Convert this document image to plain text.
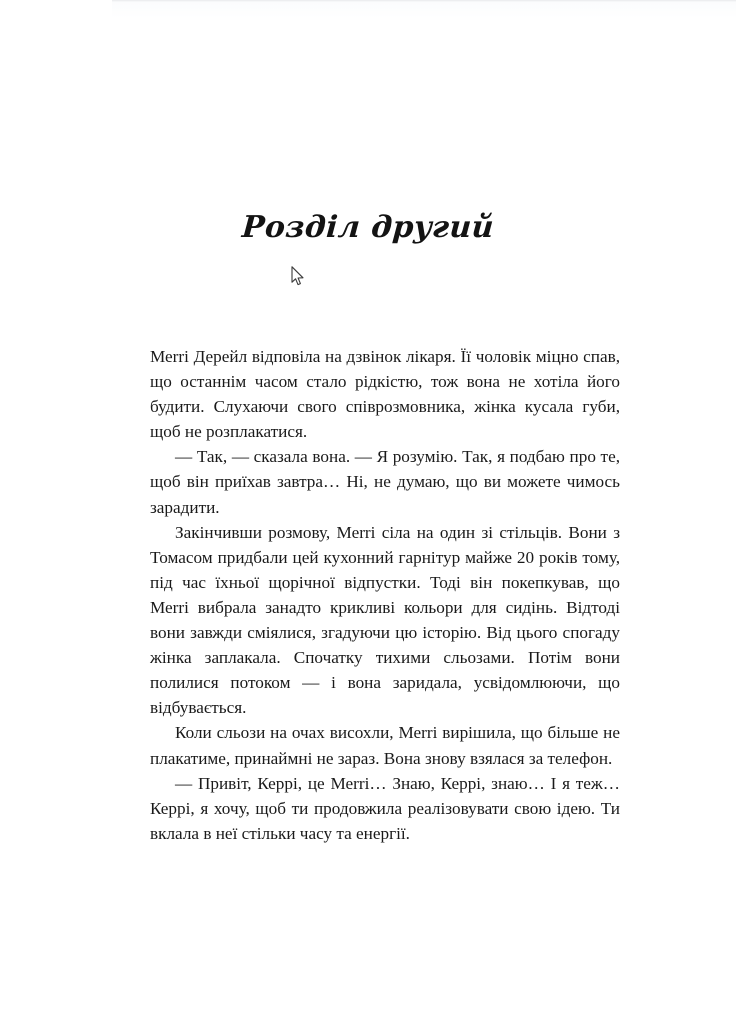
Розділ другий

Меrrі Дерейл відповіла на дзвінок лікаря. Її чоловік міцно спав, що останнім часом стало рідкістю, тож вона не хотіла його будити. Слухаючи свого співрозмовника, жінка кусала губи, щоб не розплакатися.

— Так, — сказала вона. — Я розумію. Так, я подбаю про те, щоб він приїхав завтра… Ні, не думаю, що ви можете чимось зарадити.

Закінчивши розмову, Меrrі сіла на один зі стільців. Вони з Томасом придбали цей кухонний гарнітур майже 20 років тому, під час їхньої щорічної відпустки. Тоді він покепкував, що Меrrі вибрала занадто крикливі кольори для сидінь. Відтоді вони завжди сміялися, згадуючи цю історію. Від цього спогаду жінка заплакала. Спочатку тихими сльозами. Потім вони полилися потоком — і вона заридала, усвідомлюючи, що відбувається.

Коли сльози на очах висохли, Меrrі вирішила, що більше не плакатиме, принаймні не зараз. Вона знову взялася за телефон.

— Привіт, Керрі, це Меrrі… Знаю, Керрі, знаю… І я теж… Керрі, я хочу, щоб ти продовжила реалізовувати свою ідею. Ти вклала в неї стільки часу та енергії.
